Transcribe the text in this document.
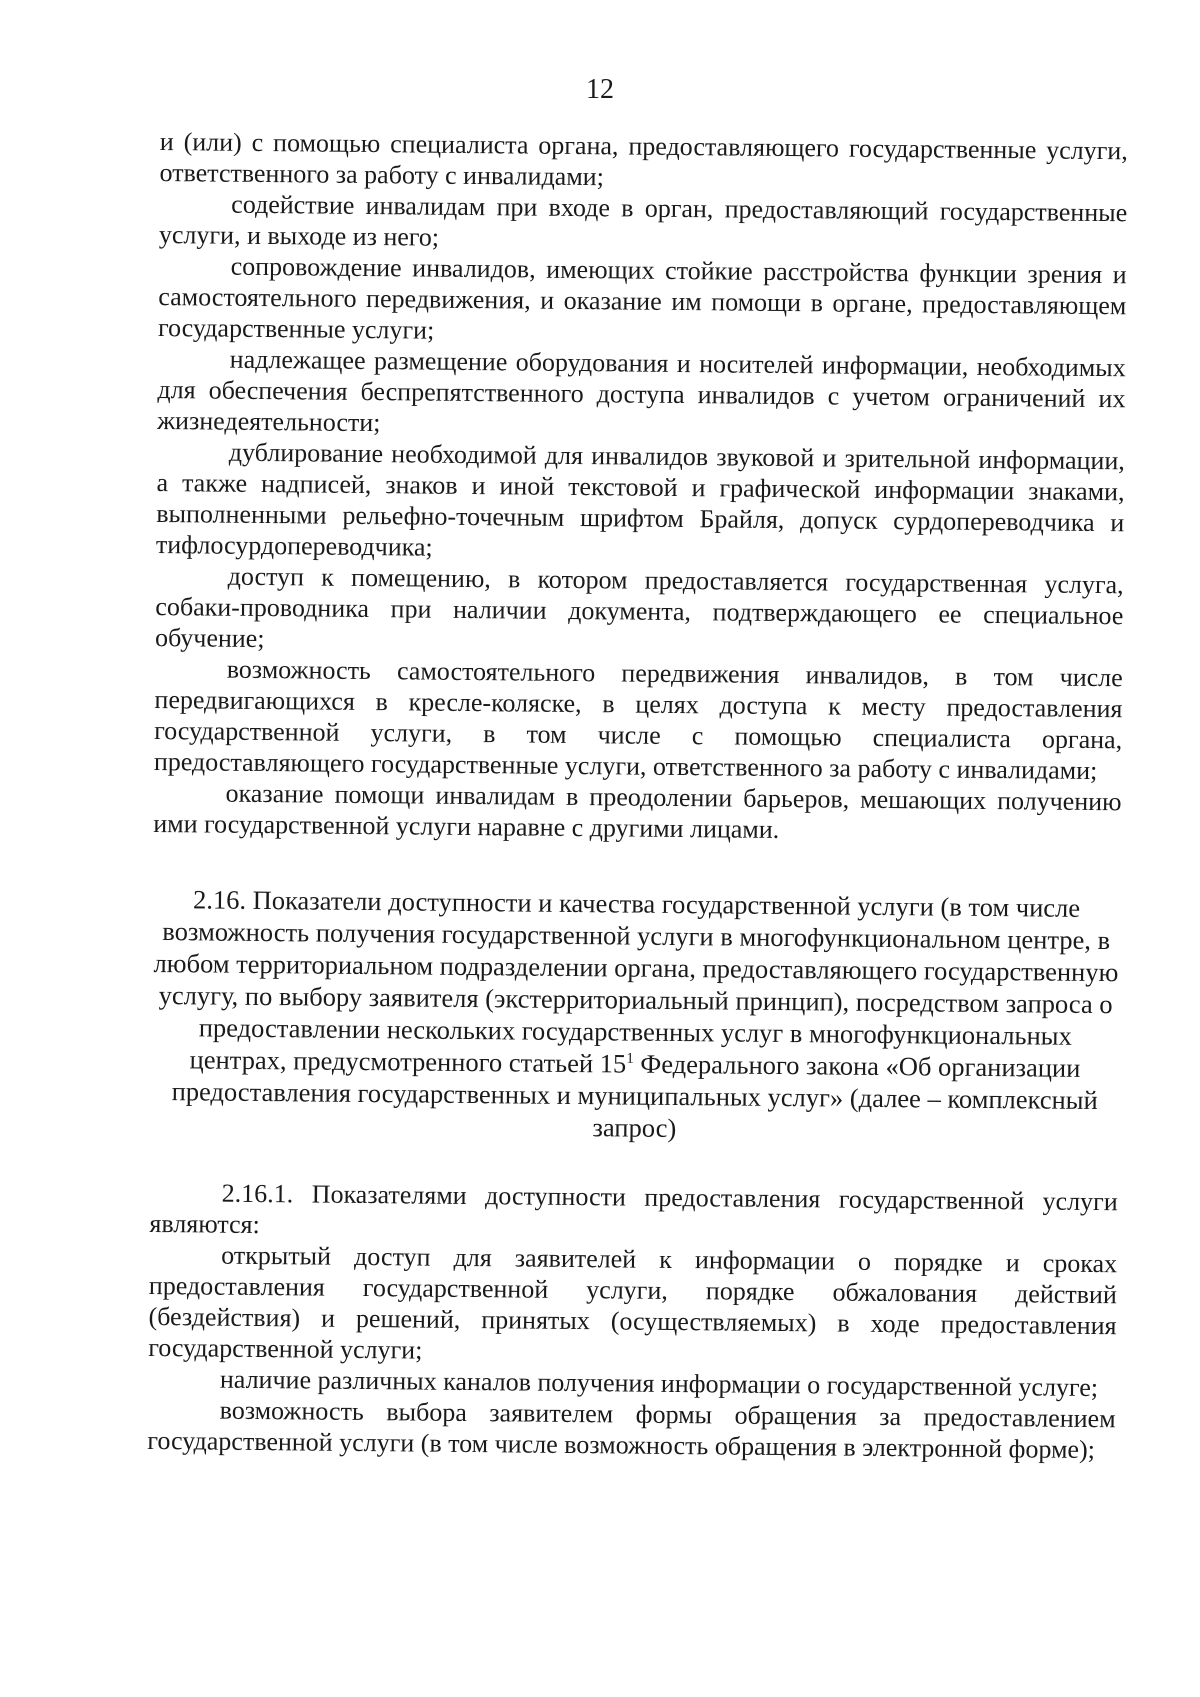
12

и (или) с помощью специалиста органа, предоставляющего государственные услуги, ответственного за работу с инвалидами;

содействие инвалидам при входе в орган, предоставляющий государственные услуги, и выходе из него;

сопровождение инвалидов, имеющих стойкие расстройства функции зрения и самостоятельного передвижения, и оказание им помощи в органе, предоставляющем государственные услуги;

надлежащее размещение оборудования и носителей информации, необходимых для обеспечения беспрепятственного доступа инвалидов с учетом ограничений их жизнедеятельности;

дублирование необходимой для инвалидов звуковой и зрительной информации, а также надписей, знаков и иной текстовой и графической информации знаками, выполненными рельефно-точечным шрифтом Брайля, допуск сурдопереводчика и тифлосурдопереводчика;

доступ к помещению, в котором предоставляется государственная услуга, собаки-проводника при наличии документа, подтверждающего ее специальное обучение;

возможность самостоятельного передвижения инвалидов, в том числе передвигающихся в кресле-коляске, в целях доступа к месту предоставления государственной услуги, в том числе с помощью специалиста органа, предоставляющего государственные услуги, ответственного за работу с инвалидами;

оказание помощи инвалидам в преодолении барьеров, мешающих получению ими государственной услуги наравне с другими лицами.

2.16. Показатели доступности и качества государственной услуги (в том числе возможность получения государственной услуги в многофункциональном центре, в любом территориальном подразделении органа, предоставляющего государственную услугу, по выбору заявителя (экстерриториальный принцип), посредством запроса о предоставлении нескольких государственных услуг в многофункциональных центрах, предусмотренного статьей $15^1$ Федерального закона «Об организации предоставления государственных и муниципальных услуг» (далее – комплексный запрос)

2.16.1. Показателями доступности предоставления государственной услуги являются:

открытый доступ для заявителей к информации о порядке и сроках предоставления государственной услуги, порядке обжалования действий (бездействия) и решений, принятых (осуществляемых) в ходе предоставления государственной услуги;

наличие различных каналов получения информации о государственной услуге;

возможность выбора заявителем формы обращения за предоставлением государственной услуги (в том числе возможность обращения в электронной форме);
